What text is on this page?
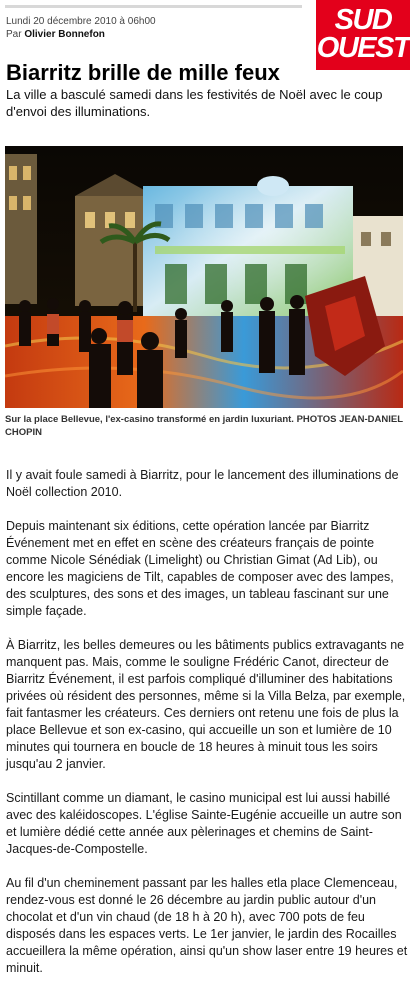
Lundi 20 décembre 2010 à 06h00
Par Olivier Bonnefon	SUD
OUEST
Biarritz brille de mille feux

La ville a basculé samedi dans les festivités de Noël avec le coup d'envoi des illuminations.

Sur la place Bellevue, l'ex-casino transformé en jardin luxuriant. PHOTOS JEAN-DANIEL CHOPIN

Il y avait foule samedi à Biarritz, pour le lancement des illuminations de Noël collection 2010.

Depuis maintenant six éditions, cette opération lancée par Biarritz Événement met en effet en scène des créateurs français de pointe comme Nicole Sénédiak (Limelight) ou Christian Gimat (Ad Lib), ou encore les magiciens de Tilt, capables de composer avec des lampes, des sculptures, des sons et des images, un tableau fascinant sur une simple façade.

À Biarritz, les belles demeures ou les bâtiments publics extravagants ne manquent pas. Mais, comme le souligne Frédéric Canot, directeur de Biarritz Événement, il est parfois compliqué d'illuminer des habitations privées où résident des personnes, même si la Villa Belza, par exemple, fait fantasmer les créateurs. Ces derniers ont retenu une fois de plus la place Bellevue et son ex-casino, qui accueille un son et lumière de 10 minutes qui tournera en boucle de 18 heures à minuit tous les soirs jusqu'au 2 janvier.

Scintillant comme un diamant, le casino municipal est lui aussi habillé avec des kaléidoscopes. L'église Sainte-Eugénie accueille un autre son et lumière dédié cette année aux pèlerinages et chemins de Saint-Jacques-de-Compostelle.

Au fil d'un cheminement passant par les halles etla place Clemenceau, rendez-vous est donné le 26 décembre au jardin public autour d'un chocolat et d'un vin chaud (de 18 h à 20 h), avec 700 pots de feu disposés dans les espaces verts. Le 1er janvier, le jardin des Rocailles accueillera la même opération, ainsi qu'un show laser entre 19 heures et minuit.
